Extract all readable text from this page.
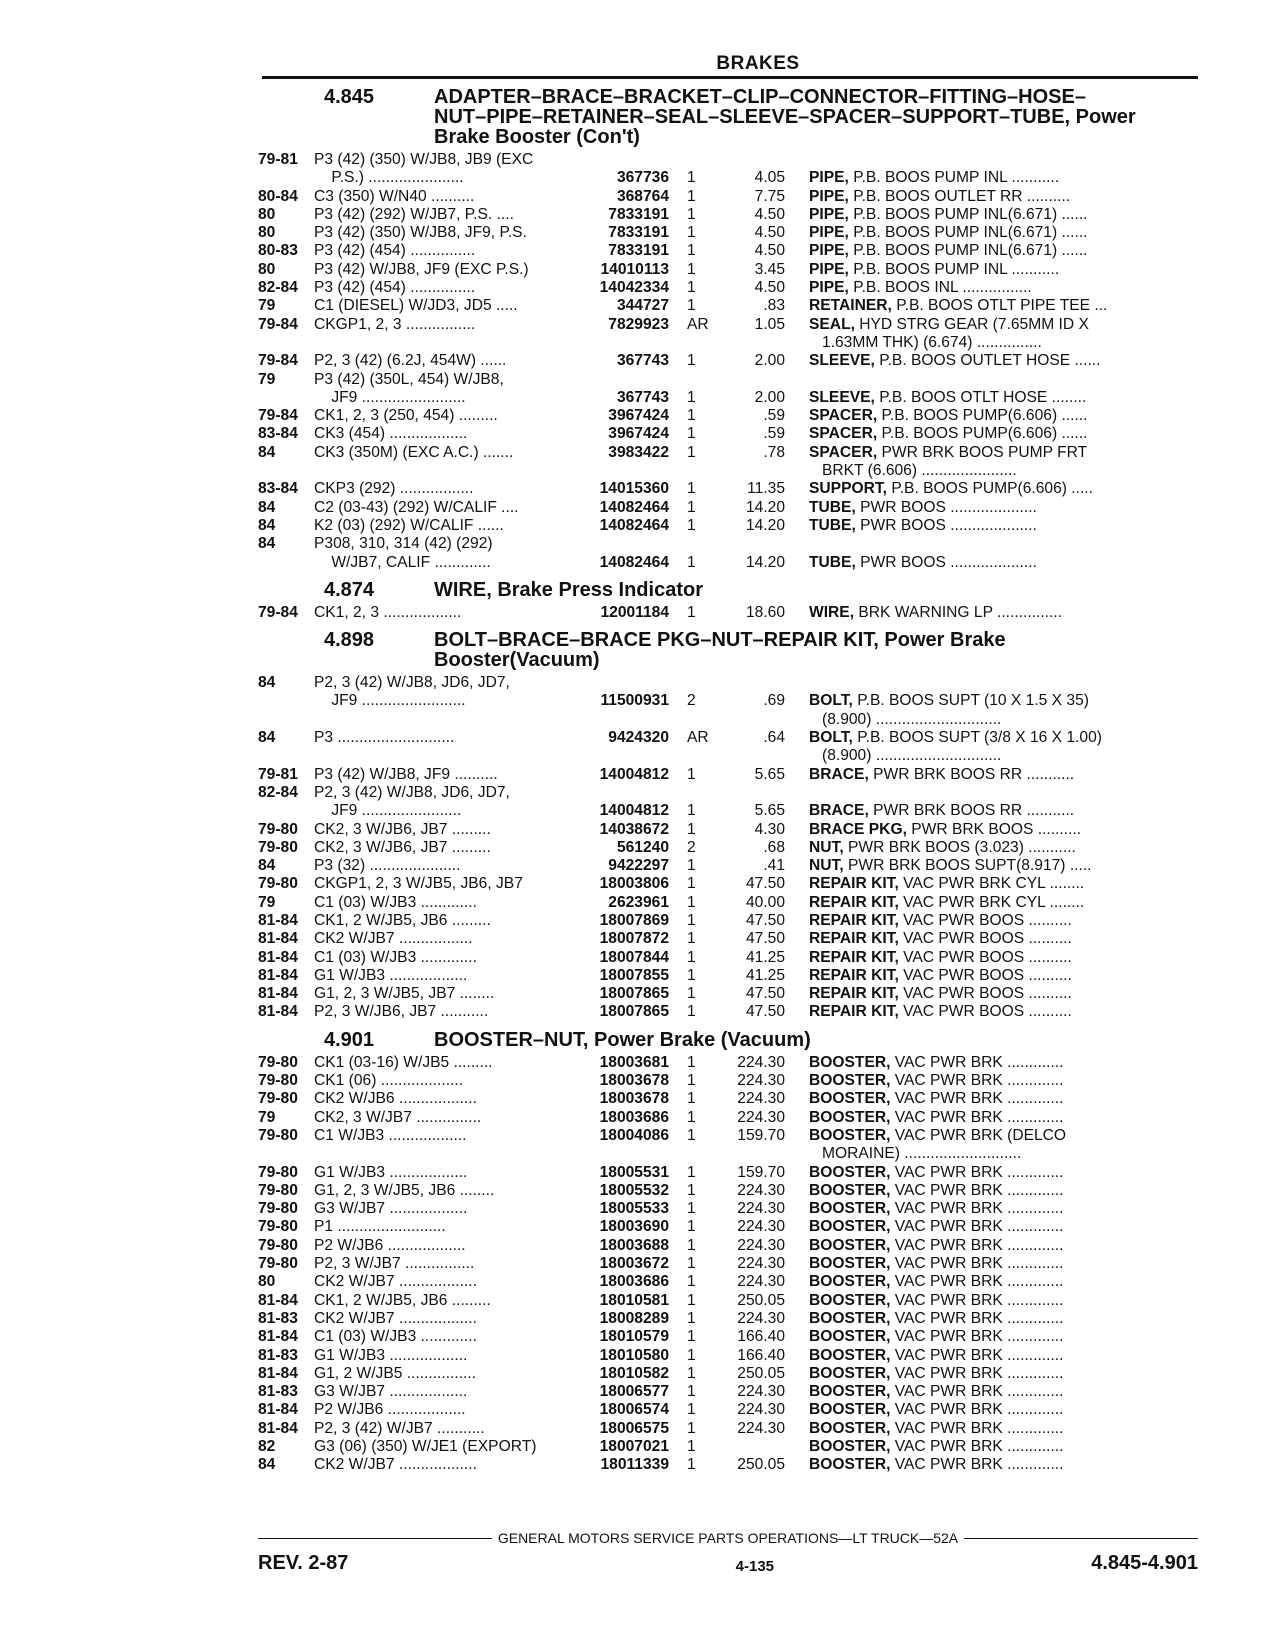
BRAKES
4.845	ADAPTER–BRACE–BRACKET–CLIP–CONNECTOR–FITTING–HOSE–NUT–PIPE–RETAINER–SEAL–SLEEVE–SPACER–SUPPORT–TUBE, Power Brake Booster (Con't)
79-81	P3 (42) (350) W/JB8, JB9 (EXC
P.S.) ......................	367736	1	4.05	PIPE, P.B. BOOS PUMP INL ...........
80-84	C3 (350) W/N40 ..........	368764	1	7.75	PIPE, P.B. BOOS OUTLET RR ..........
80	P3 (42) (292) W/JB7, P.S. ....	7833191	1	4.50	PIPE, P.B. BOOS PUMP INL(6.671) ......
80	P3 (42) (350) W/JB8, JF9, P.S.	7833191	1	4.50	PIPE, P.B. BOOS PUMP INL(6.671) ......
80-83	P3 (42) (454) ...............	7833191	1	4.50	PIPE, P.B. BOOS PUMP INL(6.671) ......
80	P3 (42) W/JB8, JF9 (EXC P.S.)	14010113	1	3.45	PIPE, P.B. BOOS PUMP INL ...........
82-84	P3 (42) (454) ...............	14042334	1	4.50	PIPE, P.B. BOOS INL ................
79	C1 (DIESEL) W/JD3, JD5 .....	344727	1	.83	RETAINER, P.B. BOOS OTLT PIPE TEE ...
79-84	CKGP1, 2, 3 ................	7829923	AR	1.05	SEAL, HYD STRG GEAR (7.65MM ID X
1.63MM THK) (6.674) ...............
79-84	P2, 3 (42) (6.2J, 454W) ......	367743	1	2.00	SLEEVE, P.B. BOOS OUTLET HOSE ......
79	P3 (42) (350L, 454) W/JB8,
JF9 ........................	367743	1	2.00	SLEEVE, P.B. BOOS OTLT HOSE ........
79-84	CK1, 2, 3 (250, 454) .........	3967424	1	.59	SPACER, P.B. BOOS PUMP(6.606) ......
83-84	CK3 (454) ..................	3967424	1	.59	SPACER, P.B. BOOS PUMP(6.606) ......
84	CK3 (350M) (EXC A.C.) .......	3983422	1	.78	SPACER, PWR BRK BOOS PUMP FRT
BRKT (6.606) ......................
83-84	CKP3 (292) .................	14015360	1	11.35	SUPPORT, P.B. BOOS PUMP(6.606) .....
84	C2 (03-43) (292) W/CALIF ....	14082464	1	14.20	TUBE, PWR BOOS ....................
84	K2 (03) (292) W/CALIF ......	14082464	1	14.20	TUBE, PWR BOOS ....................
84	P308, 310, 314 (42) (292)
W/JB7, CALIF .............	14082464	1	14.20	TUBE, PWR BOOS ....................
4.874	WIRE, Brake Press Indicator
79-84	CK1, 2, 3 ..................	12001184	1	18.60	WIRE, BRK WARNING LP ...............
4.898	BOLT–BRACE–BRACE PKG–NUT–REPAIR KIT, Power Brake Booster(Vacuum)
84	P2, 3 (42) W/JB8, JD6, JD7,
JF9 ........................	11500931	2	.69	BOLT, P.B. BOOS SUPT (10 X 1.5 X 35)
(8.900) .............................
84	P3 ...........................	9424320	AR	.64	BOLT, P.B. BOOS SUPT (3/8 X 16 X 1.00)
(8.900) .............................
79-81	P3 (42) W/JB8, JF9 ..........	14004812	1	5.65	BRACE, PWR BRK BOOS RR ...........
82-84	P2, 3 (42) W/JB8, JD6, JD7,
JF9 .......................	14004812	1	5.65	BRACE, PWR BRK BOOS RR ...........
79-80	CK2, 3 W/JB6, JB7 .........	14038672	1	4.30	BRACE PKG, PWR BRK BOOS ..........
79-80	CK2, 3 W/JB6, JB7 .........	561240	2	.68	NUT, PWR BRK BOOS (3.023) ...........
84	P3 (32) .....................	9422297	1	.41	NUT, PWR BRK BOOS SUPT(8.917) .....
79-80	CKGP1, 2, 3 W/JB5, JB6, JB7	18003806	1	47.50	REPAIR KIT, VAC PWR BRK CYL ........
79	C1 (03) W/JB3 .............	2623961	1	40.00	REPAIR KIT, VAC PWR BRK CYL ........
81-84	CK1, 2 W/JB5, JB6 .........	18007869	1	47.50	REPAIR KIT, VAC PWR BOOS ..........
81-84	CK2 W/JB7 .................	18007872	1	47.50	REPAIR KIT, VAC PWR BOOS ..........
81-84	C1 (03) W/JB3 .............	18007844	1	41.25	REPAIR KIT, VAC PWR BOOS ..........
81-84	G1 W/JB3 ..................	18007855	1	41.25	REPAIR KIT, VAC PWR BOOS ..........
81-84	G1, 2, 3 W/JB5, JB7 ........	18007865	1	47.50	REPAIR KIT, VAC PWR BOOS ..........
81-84	P2, 3 W/JB6, JB7 ...........	18007865	1	47.50	REPAIR KIT, VAC PWR BOOS ..........
4.901	BOOSTER–NUT, Power Brake (Vacuum)
79-80	CK1 (03-16) W/JB5 .........	18003681	1	224.30	BOOSTER, VAC PWR BRK .............
79-80	CK1 (06) ...................	18003678	1	224.30	BOOSTER, VAC PWR BRK .............
79-80	CK2 W/JB6 ..................	18003678	1	224.30	BOOSTER, VAC PWR BRK .............
79	CK2, 3 W/JB7 ...............	18003686	1	224.30	BOOSTER, VAC PWR BRK .............
79-80	C1 W/JB3 ..................	18004086	1	159.70	BOOSTER, VAC PWR BRK (DELCO
MORAINE) ...........................
79-80	G1 W/JB3 ..................	18005531	1	159.70	BOOSTER, VAC PWR BRK .............
79-80	G1, 2, 3 W/JB5, JB6 ........	18005532	1	224.30	BOOSTER, VAC PWR BRK .............
79-80	G3 W/JB7 ..................	18005533	1	224.30	BOOSTER, VAC PWR BRK .............
79-80	P1 .........................	18003690	1	224.30	BOOSTER, VAC PWR BRK .............
79-80	P2 W/JB6 ..................	18003688	1	224.30	BOOSTER, VAC PWR BRK .............
79-80	P2, 3 W/JB7 ................	18003672	1	224.30	BOOSTER, VAC PWR BRK .............
80	CK2 W/JB7 ..................	18003686	1	224.30	BOOSTER, VAC PWR BRK .............
81-84	CK1, 2 W/JB5, JB6 .........	18010581	1	250.05	BOOSTER, VAC PWR BRK .............
81-83	CK2 W/JB7 ..................	18008289	1	224.30	BOOSTER, VAC PWR BRK .............
81-84	C1 (03) W/JB3 .............	18010579	1	166.40	BOOSTER, VAC PWR BRK .............
81-83	G1 W/JB3 ..................	18010580	1	166.40	BOOSTER, VAC PWR BRK .............
81-84	G1, 2 W/JB5 ................	18010582	1	250.05	BOOSTER, VAC PWR BRK .............
81-83	G3 W/JB7 ..................	18006577	1	224.30	BOOSTER, VAC PWR BRK .............
81-84	P2 W/JB6 ..................	18006574	1	224.30	BOOSTER, VAC PWR BRK .............
81-84	P2, 3 (42) W/JB7 ...........	18006575	1	224.30	BOOSTER, VAC PWR BRK .............
82	G3 (06) (350) W/JE1 (EXPORT)	18007021	1	BOOSTER, VAC PWR BRK .............
84	CK2 W/JB7 ..................	18011339	1	250.05	BOOSTER, VAC PWR BRK .............
GENERAL MOTORS SERVICE PARTS OPERATIONS—LT TRUCK—52A
REV. 2-87	4-135	4.845-4.901
